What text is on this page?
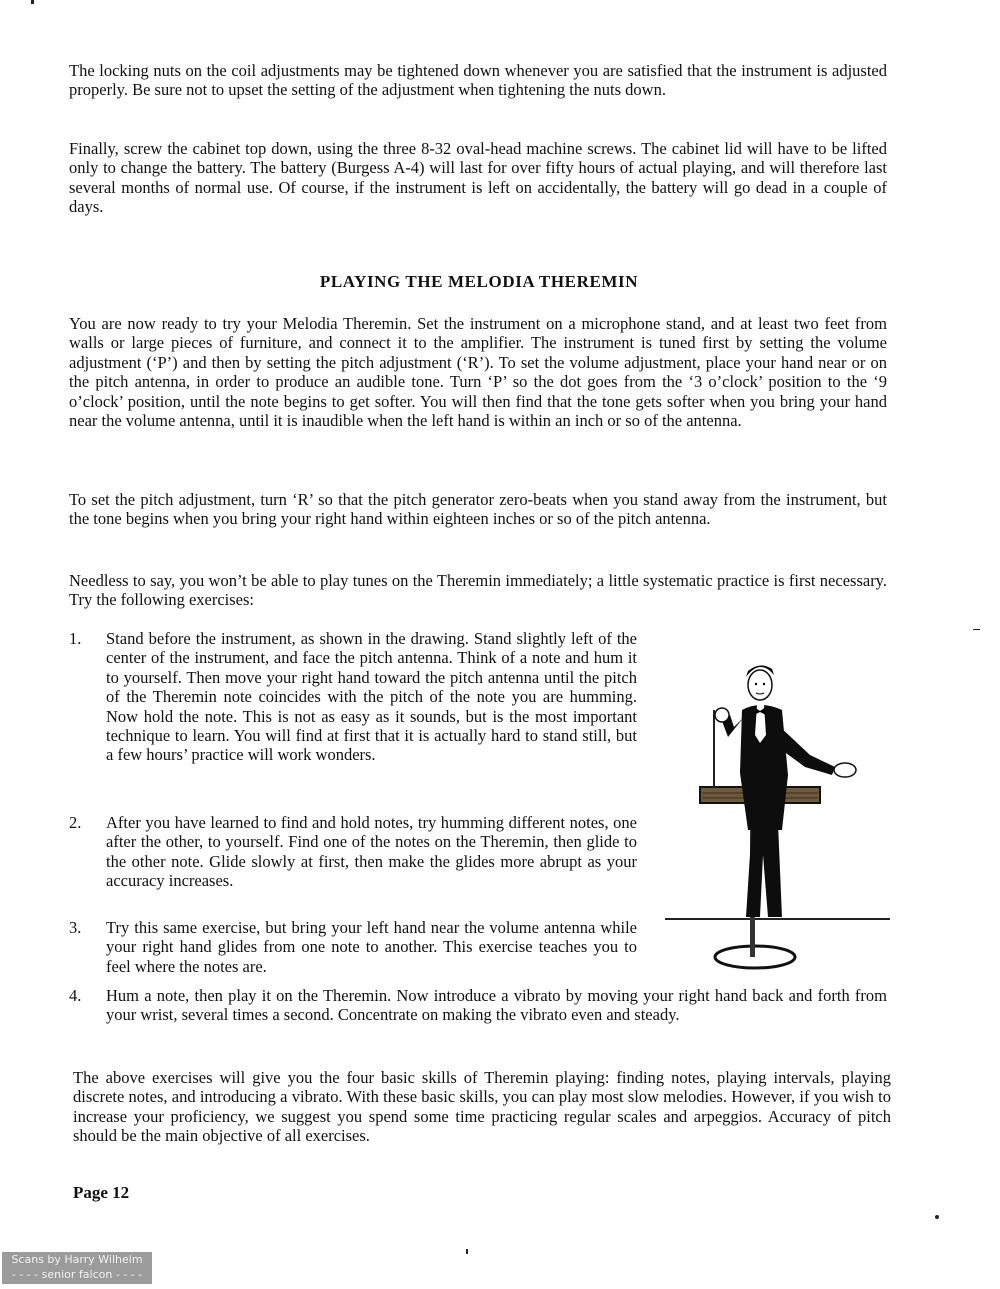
The locking nuts on the coil adjustments may be tightened down whenever you are satisfied that the instrument is adjusted properly. Be sure not to upset the setting of the adjustment when tightening the nuts down.

Finally, screw the cabinet top down, using the three 8-32 oval-head machine screws. The cabinet lid will have to be lifted only to change the battery. The battery (Burgess A-4) will last for over fifty hours of actual playing, and will therefore last several months of normal use. Of course, if the instrument is left on accidentally, the battery will go dead in a couple of days.

PLAYING THE MELODIA THEREMIN

You are now ready to try your Melodia Theremin. Set the instrument on a microphone stand, and at least two feet from walls or large pieces of furniture, and connect it to the amplifier. The instrument is tuned first by setting the volume adjustment (‘P’) and then by setting the pitch adjustment (‘R’). To set the volume adjustment, place your hand near or on the pitch antenna, in order to produce an audible tone. Turn ‘P’ so the dot goes from the ‘3 o’clock’ position to the ‘9 o’clock’ position, until the note begins to get softer. You will then find that the tone gets softer when you bring your hand near the volume antenna, until it is inaudible when the left hand is within an inch or so of the antenna.

To set the pitch adjustment, turn ‘R’ so that the pitch generator zero-beats when you stand away from the instrument, but the tone begins when you bring your right hand within eighteen inches or so of the pitch antenna.

Needless to say, you won’t be able to play tunes on the Theremin immediately; a little systematic practice is first necessary. Try the following exercises:

1.	Stand before the instrument, as shown in the drawing. Stand slightly left of the center of the instrument, and face the pitch antenna. Think of a note and hum it to yourself. Then move your right hand toward the pitch antenna until the pitch of the Theremin note coincides with the pitch of the note you are humming. Now hold the note. This is not as easy as it sounds, but is the most important technique to learn. You will find at first that it is actually hard to stand still, but a few hours’ practice will work wonders.
2.	After you have learned to find and hold notes, try humming different notes, one after the other, to yourself. Find one of the notes on the Theremin, then glide to the other note. Glide slowly at first, then make the glides more abrupt as your accuracy increases.
3.	Try this same exercise, but bring your left hand near the volume antenna while your right hand glides from one note to another. This exercise teaches you to feel where the notes are.
4.	Hum a note, then play it on the Theremin. Now introduce a vibrato by moving your right hand back and forth from your wrist, several times a second. Concentrate on making the vibrato even and steady.

The above exercises will give you the four basic skills of Theremin playing: finding notes, playing intervals, playing discrete notes, and introducing a vibrato. With these basic skills, you can play most slow melodies. However, if you wish to increase your proficiency, we suggest you spend some time practicing regular scales and arpeggios. Accuracy of pitch should be the main objective of all exercises.

Page 12

Scans by Harry Wilhelm
- - - - senior falcon - - - -
